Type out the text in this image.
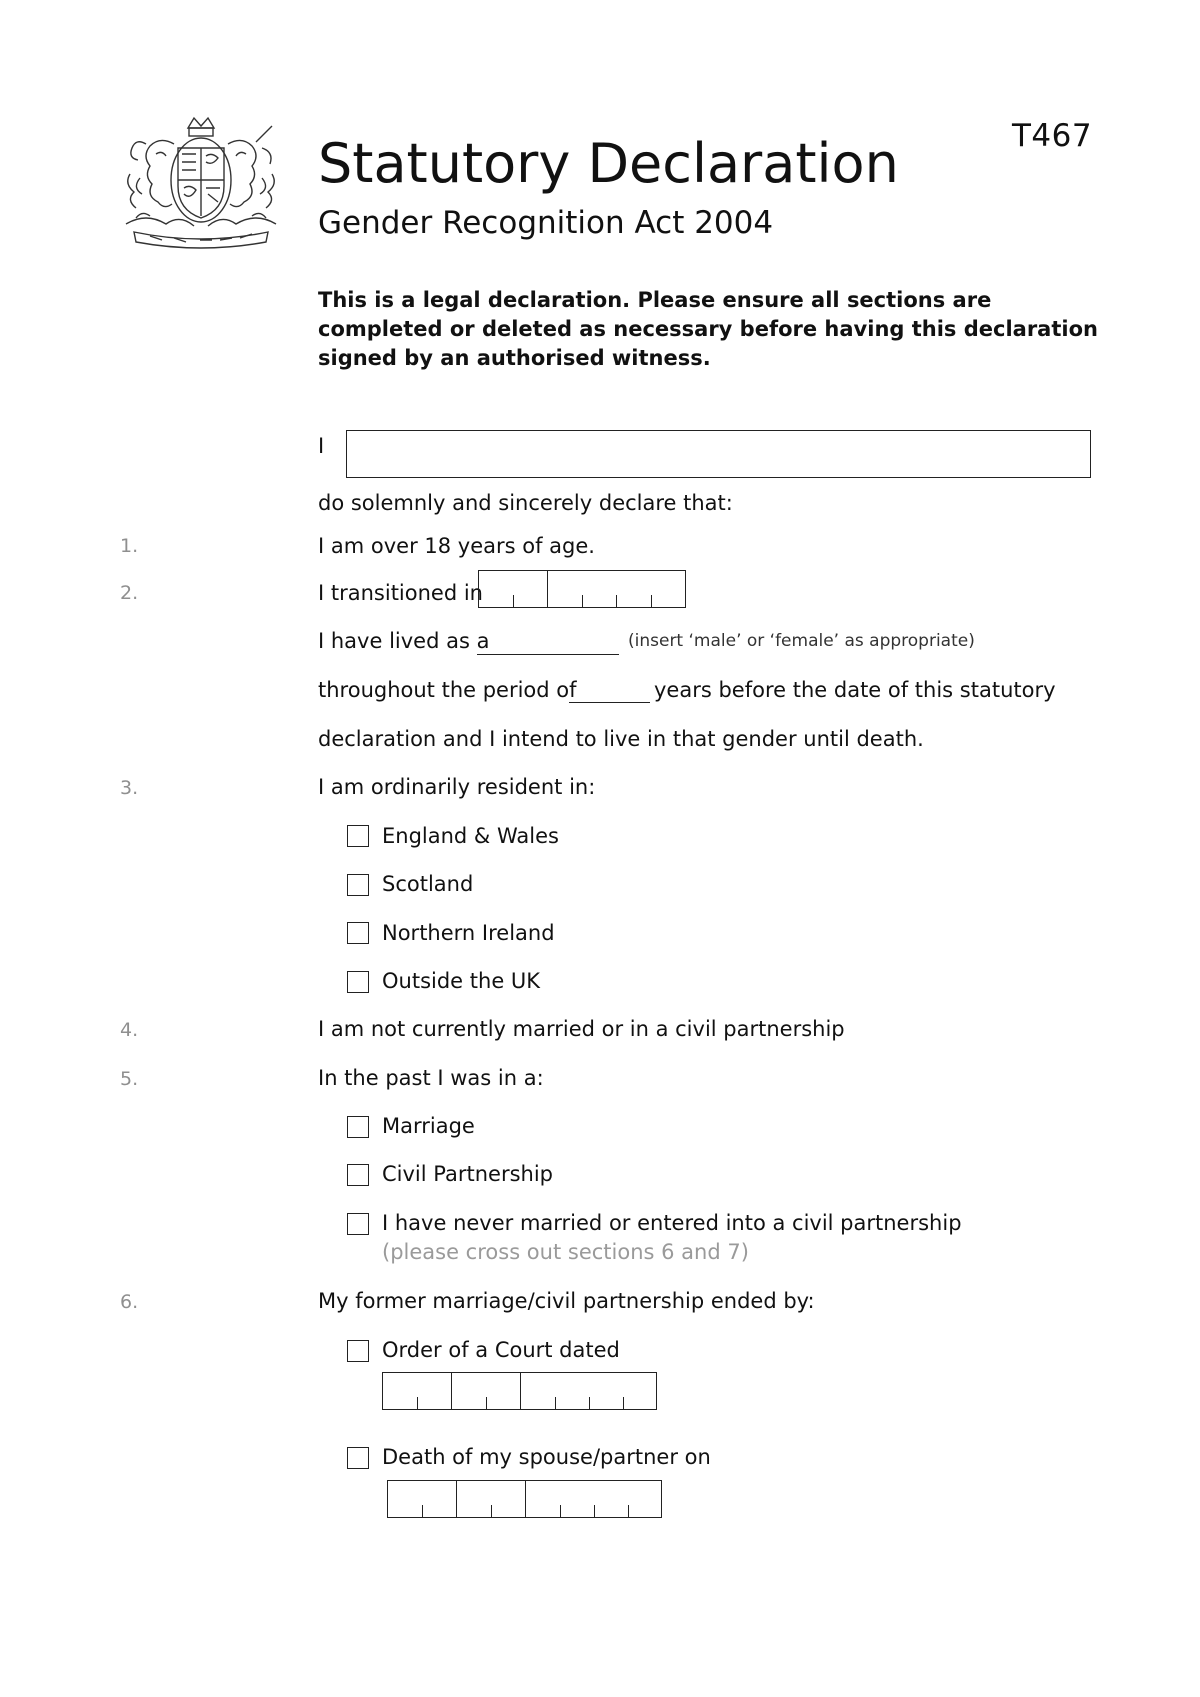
T467
Statutory Declaration
Gender Recognition Act 2004
This is a legal declaration. Please ensure all sections are completed or deleted as necessary before having this declaration signed by an authorised witness.
I
do solemnly and sincerely declare that:
1.	I am over 18 years of age.
2.	I transitioned in
I have lived as a	(insert ‘male’ or ‘female’ as appropriate)
throughout the period of	years before the date of this statutory
declaration and I intend to live in that gender until death.
3.	I am ordinarily resident in:
England & Wales
Scotland
Northern Ireland
Outside the UK
4.	I am not currently married or in a civil partnership
5.	In the past I was in a:
Marriage
Civil Partnership
I have never married or entered into a civil partnership
(please cross out sections 6 and 7)
6.	My former marriage/civil partnership ended by:
Order of a Court dated
Death of my spouse/partner on
